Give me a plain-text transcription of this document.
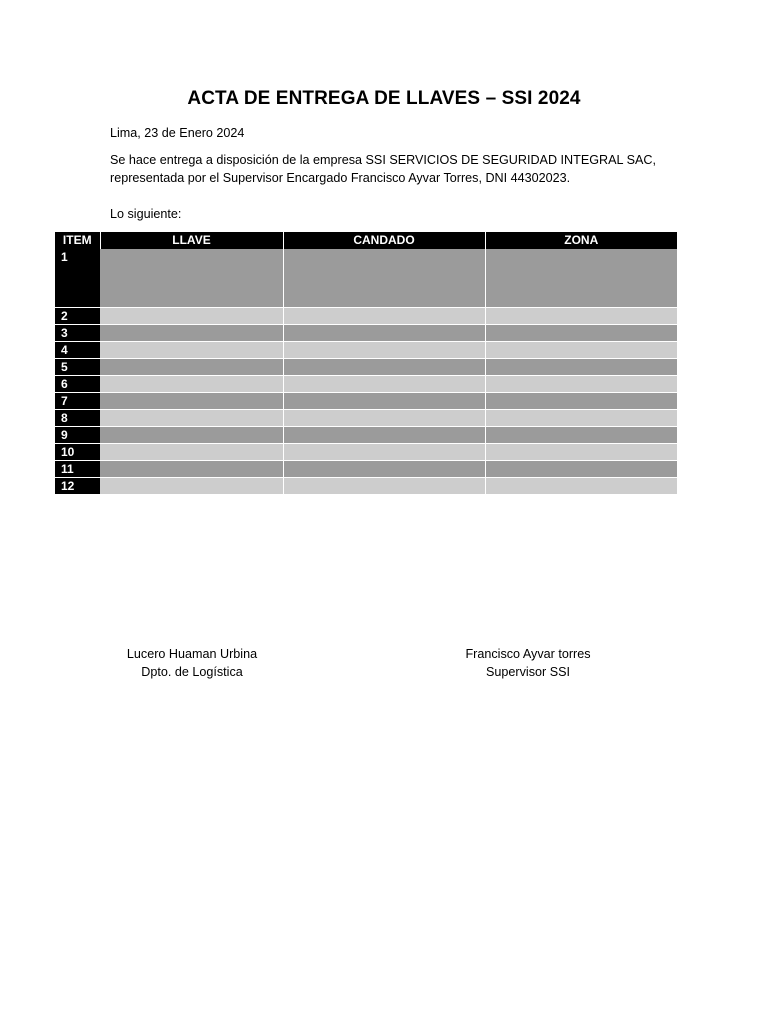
ACTA DE ENTREGA DE LLAVES – SSI 2024
Lima, 23 de Enero 2024
Se hace entrega a disposición de la empresa SSI SERVICIOS DE SEGURIDAD INTEGRAL SAC,
representada por el Supervisor Encargado Francisco Ayvar Torres, DNI 44302023.
Lo siguiente:
ITEM	LLAVE	CANDADO	ZONA
1			
2			
3			
4			
5			
6			
7			
8			
9			
10			
11			
12			
Lucero Huaman Urbina
Dpto. de Logística
Francisco Ayvar torres
Supervisor SSI
